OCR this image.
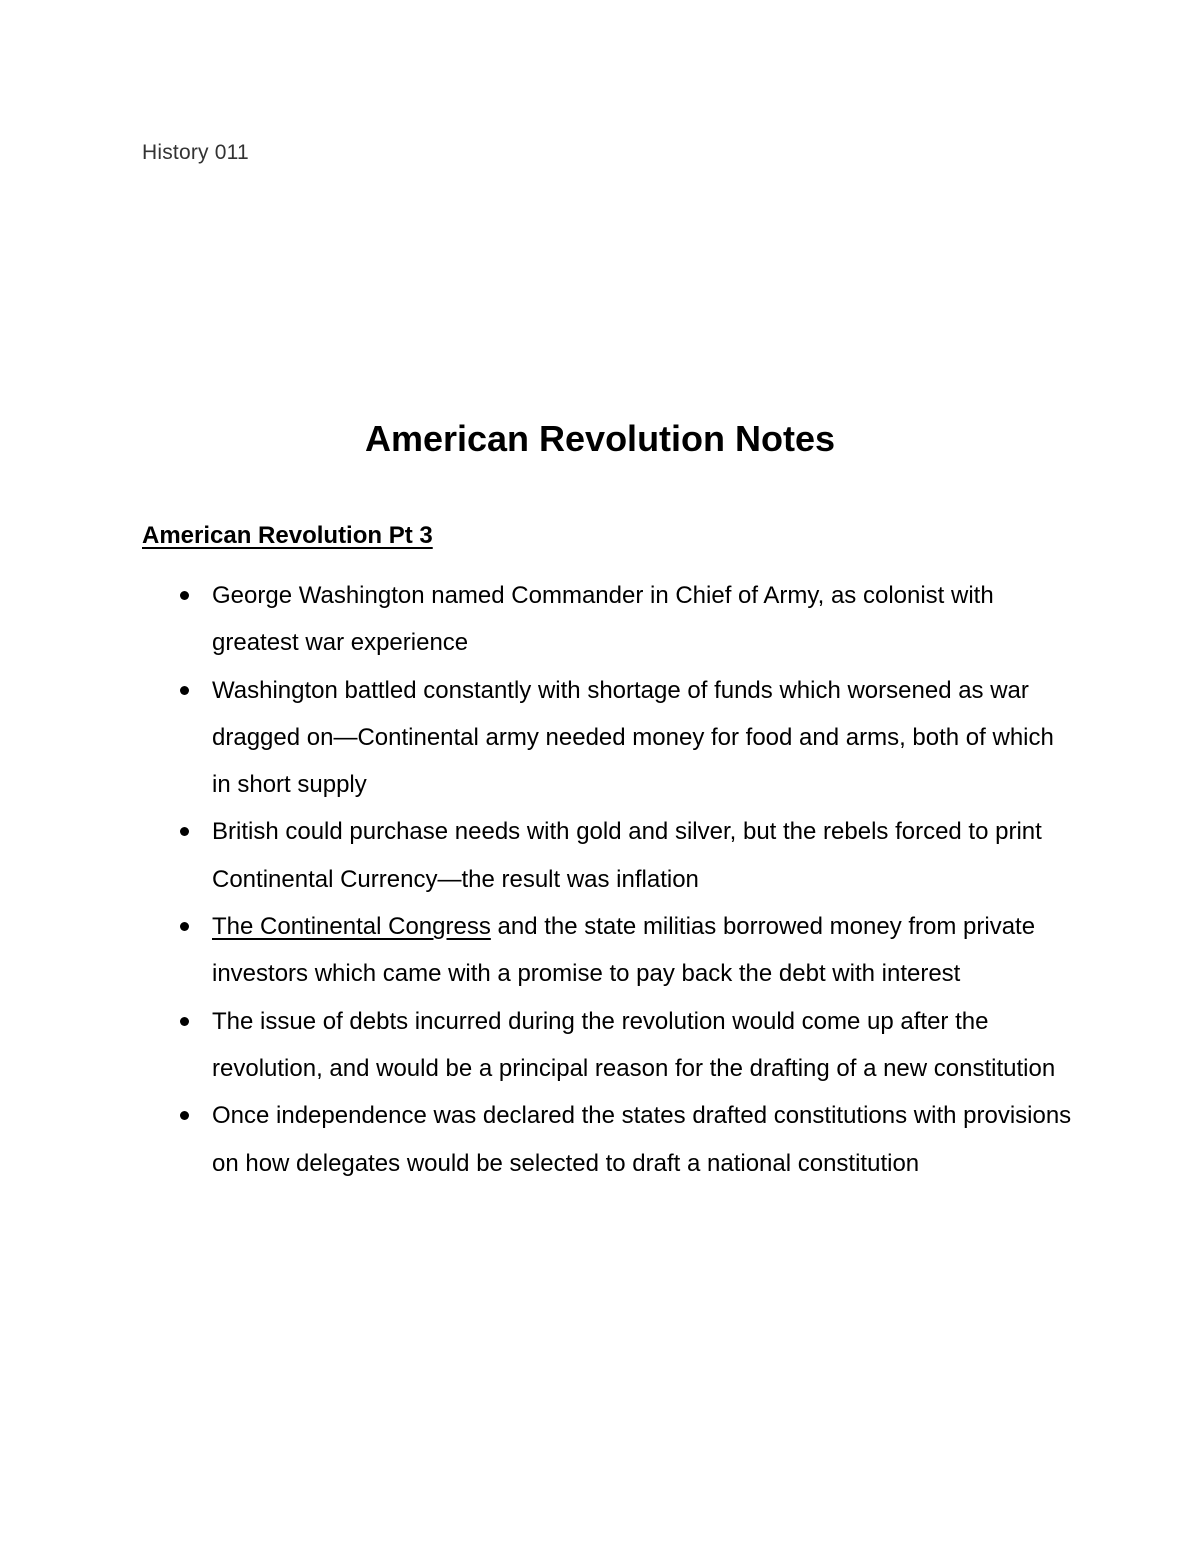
History 011
American Revolution Notes
American Revolution Pt 3
George Washington named Commander in Chief of Army, as colonist with greatest war experience
Washington battled constantly with shortage of funds which worsened as war dragged on—Continental army needed money for food and arms, both of which in short supply
British could purchase needs with gold and silver, but the rebels forced to print Continental Currency—the result was inflation
The Continental Congress and the state militias borrowed money from private investors which came with a promise to pay back the debt with interest
The issue of debts incurred during the revolution would come up after the revolution, and would be a principal reason for the drafting of a new constitution
Once independence was declared the states drafted constitutions with provisions on how delegates would be selected to draft a national constitution
